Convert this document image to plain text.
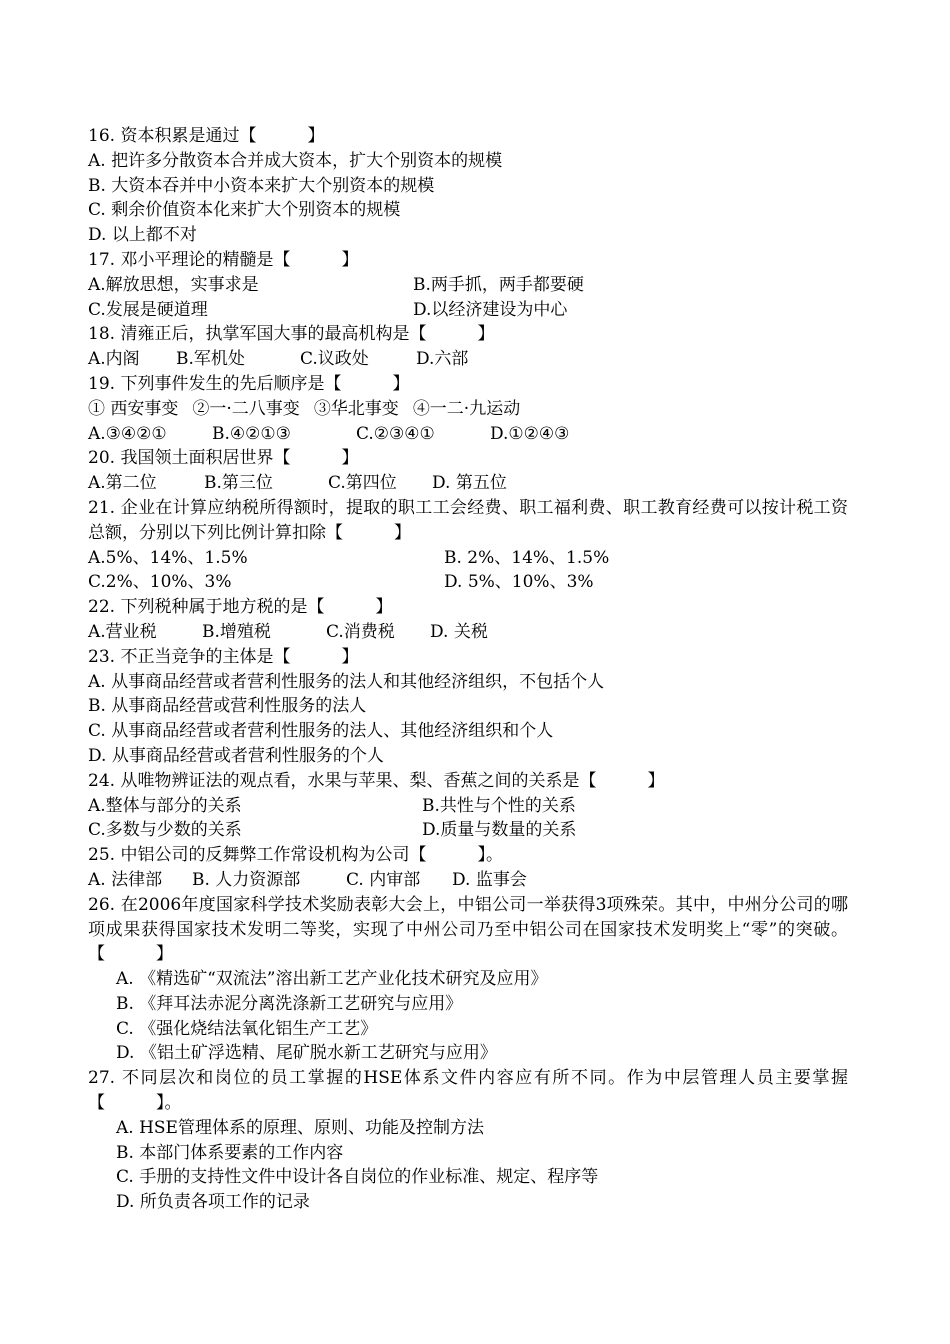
16. 资本积累是通过【　　　】
A. 把许多分散资本合并成大资本，扩大个别资本的规模
B. 大资本吞并中小资本来扩大个别资本的规模
C. 剩余价值资本化来扩大个别资本的规模
D. 以上都不对
17. 邓小平理论的精髓是【　　　】
A.解放思想，实事求是	B.两手抓，两手都要硬
C.发展是硬道理	D.以经济建设为中心
18. 清雍正后，执掌军国大事的最高机构是【　　　】
A.内阁 B.军机处	C.议政处	D.六部
19. 下列事件发生的先后顺序是【　　　】
① 西安事变 ②一·二八事变 ③华北事变 ④一二·九运动
A.③④②①	B.④②①③	C.②③④①	D.①②④③
20. 我国领土面积居世界【　　　】
A.第二位	B.第三位	C.第四位 D. 第五位
21. 企业在计算应纳税所得额时，提取的职工工会经费、职工福利费、职工教育经费可以按计税工资总额，分别以下列比例计算扣除【　　　】
A.5%、14%、1.5%	B. 2%、14%、1.5%
C.2%、10%、3%	D. 5%、10%、3%
22. 下列税种属于地方税的是【　　　】
A.营业税	B.增殖税	C.消费税 D. 关税
23. 不正当竞争的主体是【　　　】
A. 从事商品经营或者营利性服务的法人和其他经济组织，不包括个人
B. 从事商品经营或营利性服务的法人
C. 从事商品经营或者营利性服务的法人、其他经济组织和个人
D. 从事商品经营或者营利性服务的个人
24. 从唯物辨证法的观点看，水果与苹果、梨、香蕉之间的关系是【　　　】
A.整体与部分的关系	B.共性与个性的关系
C.多数与少数的关系	D.质量与数量的关系
25. 中铝公司的反舞弊工作常设机构为公司【　　　】。
A. 法律部 B. 人力资源部	C. 内审部 D. 监事会
26. 在2006年度国家科学技术奖励表彰大会上，中铝公司一举获得3项殊荣。其中，中州分公司的哪项成果获得国家技术发明二等奖，实现了中州公司乃至中铝公司在国家技术发明奖上“零”的突破。【　　　】
A. 《精选矿“双流法”溶出新工艺产业化技术研究及应用》
B. 《拜耳法赤泥分离洗涤新工艺研究与应用》
C. 《强化烧结法氧化铝生产工艺》
D. 《铝土矿浮选精、尾矿脱水新工艺研究与应用》
27. 不同层次和岗位的员工掌握的HSE体系文件内容应有所不同。作为中层管理人员主要掌握【　　　】。
A. HSE管理体系的原理、原则、功能及控制方法
B. 本部门体系要素的工作内容
C. 手册的支持性文件中设计各自岗位的作业标准、规定、程序等
D. 所负责各项工作的记录
